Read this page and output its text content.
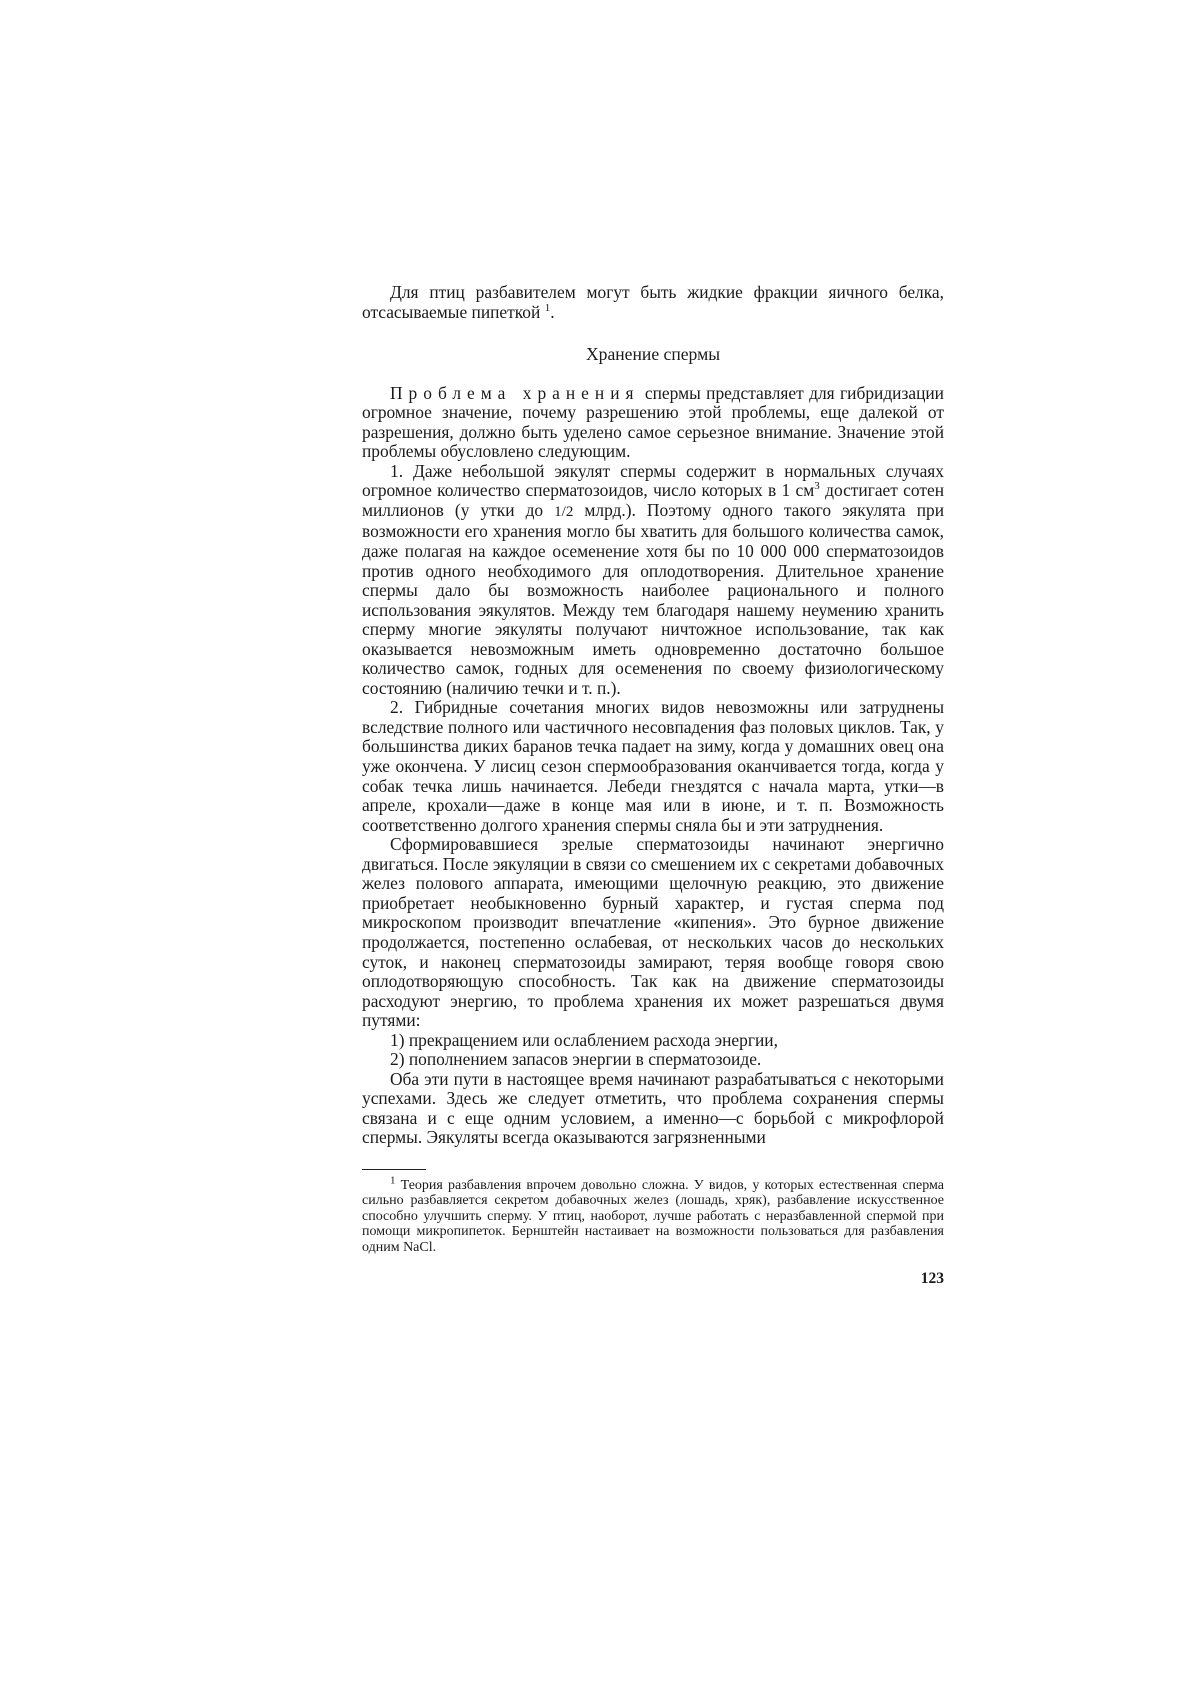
Для птиц разбавителем могут быть жидкие фракции яичного белка, отсасываемые пипеткой $^1$.

Хранение спермы

Проблема хранения спермы представляет для гибридизации огромное значение, почему разрешению этой проблемы, еще далекой от разрешения, должно быть уделено самое серьезное внимание. Значение этой проблемы обусловлено следующим.

1. Даже небольшой эякулят спермы содержит в нормальных случаях огромное количество сперматозоидов, число которых в 1 $см^3$ достигает сотен миллионов (у утки до 1/2 млрд.). Поэтому одного такого эякулята при возможности его хранения могло бы хватить для большого количества самок, даже полагая на каждое осеменение хотя бы по 10 000 000 сперматозоидов против одного необходимого для оплодотворения. Длительное хранение спермы дало бы возможность наиболее рационального и полного использования эякулятов. Между тем благодаря нашему неумению хранить сперму многие эякуляты получают ничтожное использование, так как оказывается невозможным иметь одновременно достаточно большое количество самок, годных для осеменения по своему физиологическому состоянию (наличию течки и т. п.).

2. Гибридные сочетания многих видов невозможны или затруднены вследствие полного или частичного несовпадения фаз половых циклов. Так, у большинства диких баранов течка падает на зиму, когда у домашних овец она уже окончена. У лисиц сезон спермообразования оканчивается тогда, когда у собак течка лишь начинается. Лебеди гнездятся с начала марта, утки—в апреле, крохали—даже в конце мая или в июне, и т. п. Возможность соответственно долгого хранения спермы сняла бы и эти затруднения.

Сформировавшиеся зрелые сперматозоиды начинают энергично двигаться. После эякуляции в связи со смешением их с секретами добавочных желез полового аппарата, имеющими щелочную реакцию, это движение приобретает необыкновенно бурный характер, и густая сперма под микроскопом производит впечатление «кипения». Это бурное движение продолжается, постепенно ослабевая, от нескольких часов до нескольких суток, и наконец сперматозоиды замирают, теряя вообще говоря свою оплодотворяющую способность. Так как на движение сперматозоиды расходуют энергию, то проблема хранения их может разрешаться двумя путями:

1) прекращением или ослаблением расхода энергии,

2) пополнением запасов энергии в сперматозоиде.

Оба эти пути в настоящее время начинают разрабатываться с некоторыми успехами. Здесь же следует отметить, что проблема сохранения спермы связана и с еще одним условием, а именно—с борьбой с микрофлорой спермы. Эякуляты всегда оказываются загрязненными

$^1$ Теория разбавления впрочем довольно сложна. У видов, у которых естественная сперма сильно разбавляется секретом добавочных желез (лошадь, хряк), разбавление искусственное способно улучшить сперму. У птиц, наоборот, лучше работать с неразбавленной спермой при помощи микропипеток. Бернштейн настаивает на возможности пользоваться для разбавления одним NaCl.

123
